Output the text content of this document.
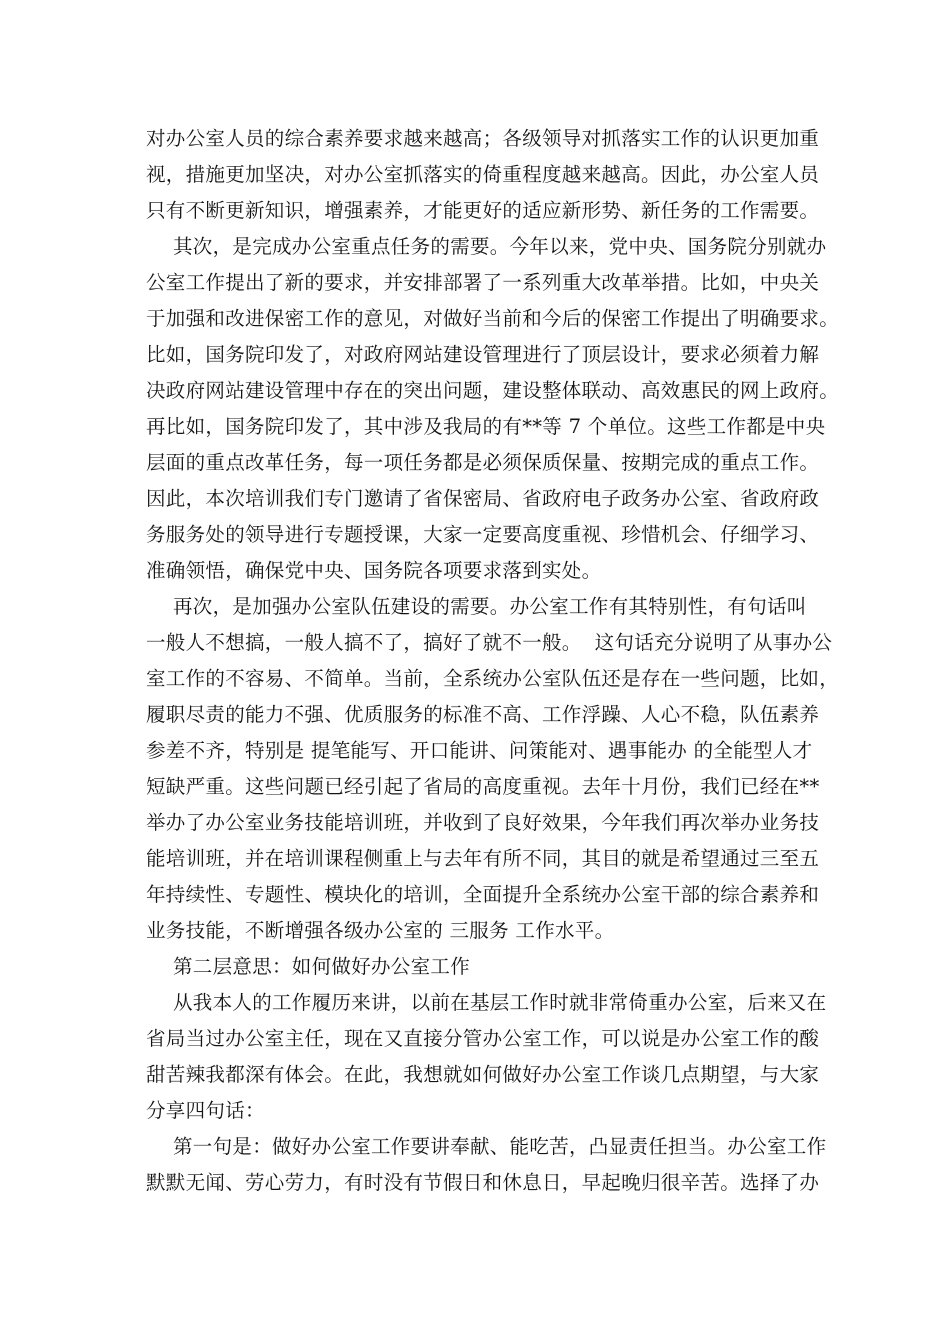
对办公室人员的综合素养要求越来越高；各级领导对抓落实工作的认识更加重
视，措施更加坚决，对办公室抓落实的倚重程度越来越高。因此，办公室人员
只有不断更新知识，增强素养，才能更好的适应新形势、新任务的工作需要。
其次，是完成办公室重点任务的需要。今年以来，党中央、国务院分别就办
公室工作提出了新的要求，并安排部署了一系列重大改革举措。比如，中央关
于加强和改进保密工作的意见，对做好当前和今后的保密工作提出了明确要求。
比如，国务院印发了，对政府网站建设管理进行了顶层设计，要求必须着力解
决政府网站建设管理中存在的突出问题，建设整体联动、高效惠民的网上政府。
再比如，国务院印发了，其中涉及我局的有**等 7 个单位。这些工作都是中央
层面的重点改革任务，每一项任务都是必须保质保量、按期完成的重点工作。
因此，本次培训我们专门邀请了省保密局、省政府电子政务办公室、省政府政
务服务处的领导进行专题授课，大家一定要高度重视、珍惜机会、仔细学习、
准确领悟，确保党中央、国务院各项要求落到实处。
再次，是加强办公室队伍建设的需要。办公室工作有其特别性，有句话叫
一般人不想搞，一般人搞不了，搞好了就不一般。  这句话充分说明了从事办公
室工作的不容易、不简单。当前，全系统办公室队伍还是存在一些问题，比如，
履职尽责的能力不强、优质服务的标准不高、工作浮躁、人心不稳，队伍素养
参差不齐，特别是 提笔能写、开口能讲、问策能对、遇事能办 的全能型人才
短缺严重。这些问题已经引起了省局的高度重视。去年十月份，我们已经在**
举办了办公室业务技能培训班，并收到了良好效果，今年我们再次举办业务技
能培训班，并在培训课程侧重上与去年有所不同，其目的就是希望通过三至五
年持续性、专题性、模块化的培训，全面提升全系统办公室干部的综合素养和
业务技能，不断增强各级办公室的 三服务 工作水平。
第二层意思：如何做好办公室工作
从我本人的工作履历来讲，以前在基层工作时就非常倚重办公室，后来又在
省局当过办公室主任，现在又直接分管办公室工作，可以说是办公室工作的酸
甜苦辣我都深有体会。在此，我想就如何做好办公室工作谈几点期望，与大家
分享四句话：
第一句是：做好办公室工作要讲奉献、能吃苦，凸显责任担当。办公室工作
默默无闻、劳心劳力，有时没有节假日和休息日，早起晚归很辛苦。选择了办
